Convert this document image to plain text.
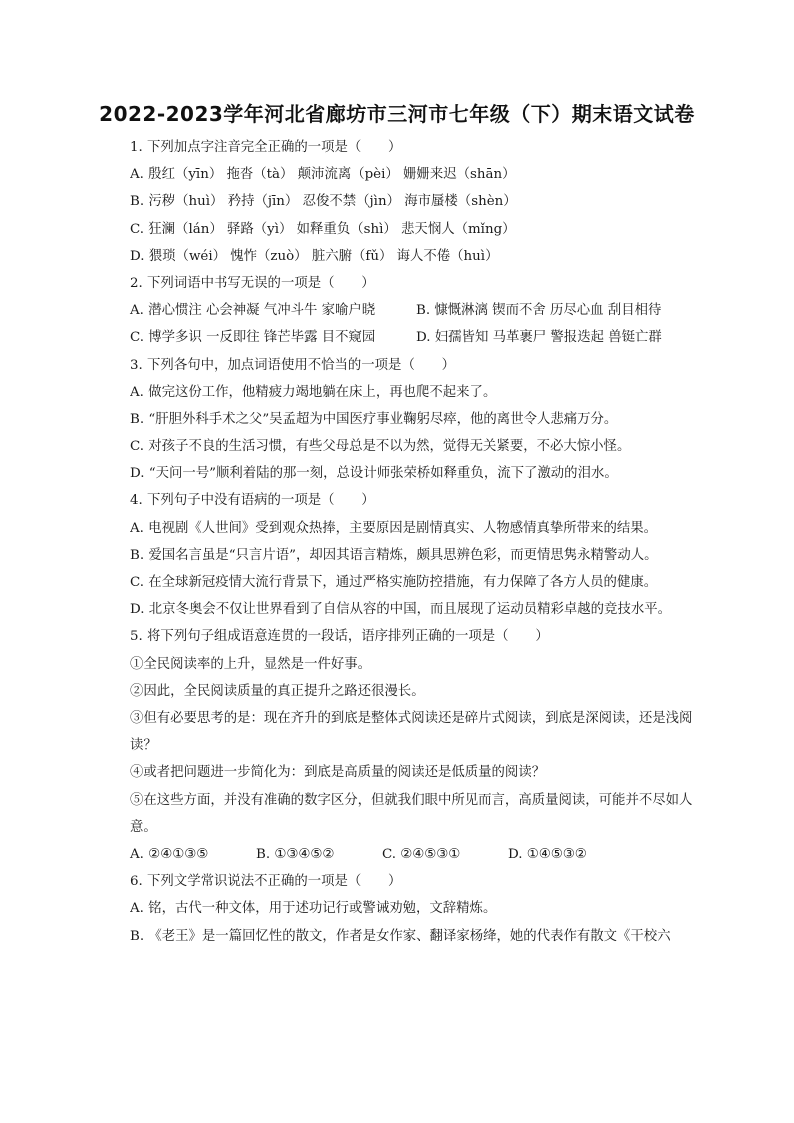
2022-2023学年河北省廊坊市三河市七年级（下）期末语文试卷
1. 下列加点字注音完全正确的一项是（　　）
A. 殷红（yīn） 拖沓（tà） 颠沛流离（pèi） 姗姗来迟（shān）
B. 污秽（huì） 矜持（jīn） 忍俊不禁（jìn） 海市蜃楼（shèn）
C. 狂澜（lán） 驿路（yì） 如释重负（shì） 悲天悯人（mǐng）
D. 猥琐（wéi） 愧怍（zuò） 脏六腑（fǔ） 诲人不倦（huì）
2. 下列词语中书写无误的一项是（　　）
A. 潜心惯注 心会神凝 气冲斗牛 家喻户晓	B. 慷慨淋漓 锲而不舍 历尽心血 刮目相待
C. 博学多识 一反即往 锋芒毕露 目不窥园	D. 妇孺皆知 马革裹尸 警报迭起 兽铤亡群
3. 下列各句中，加点词语使用不恰当的一项是（　　）
A. 做完这份工作，他精疲力竭地躺在床上，再也爬不起来了。
B. “肝胆外科手术之父”吴孟超为中国医疗事业鞠躬尽瘁，他的离世令人悲痛万分。
C. 对孩子不良的生活习惯，有些父母总是不以为然，觉得无关紧要，不必大惊小怪。
D. “天问一号”顺利着陆的那一刻，总设计师张荣桥如释重负，流下了激动的泪水。
4. 下列句子中没有语病的一项是（　　）
A. 电视剧《人世间》受到观众热捧，主要原因是剧情真实、人物感情真挚所带来的结果。
B. 爱国名言虽是“只言片语”，却因其语言精炼，颇具思辨色彩，而更情思隽永精警动人。
C. 在全球新冠疫情大流行背景下，通过严格实施防控措施，有力保障了各方人员的健康。
D. 北京冬奥会不仅让世界看到了自信从容的中国，而且展现了运动员精彩卓越的竞技水平。
5. 将下列句子组成语意连贯的一段话，语序排列正确的一项是（　　）
①全民阅读率的上升，显然是一件好事。
②因此，全民阅读质量的真正提升之路还很漫长。
③但有必要思考的是：现在齐升的到底是整体式阅读还是碎片式阅读，到底是深阅读，还是浅阅读？
④或者把问题进一步简化为：到底是高质量的阅读还是低质量的阅读？
⑤在这些方面，并没有准确的数字区分，但就我们眼中所见而言，高质量阅读，可能并不尽如人意。
A. ②④①③⑤	B. ①③④⑤②	C. ②④⑤③①	D. ①④⑤③②
6. 下列文学常识说法不正确的一项是（　　）
A. 铭，古代一种文体，用于述功记行或警诫劝勉，文辞精炼。
B. 《老王》是一篇回忆性的散文，作者是女作家、翻译家杨绛，她的代表作有散文《干校六
